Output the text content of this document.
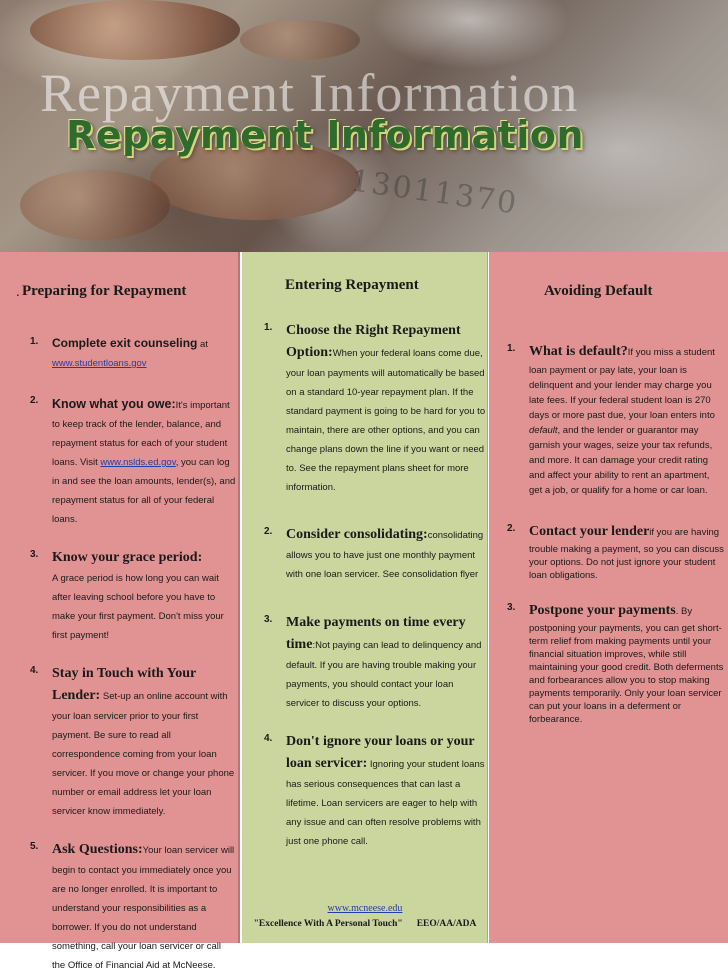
13011370
Repayment Information
Repayment Information
. Preparing for Repayment
1. Complete exit counseling at
www.studentloans.gov
2. Know what you owe:It's important to keep track of the lender, balance, and repayment status for each of your student loans. Visit www.nslds.ed.gov, you can log in and see the loan amounts, lender(s), and repayment status for all of your federal loans.
3. Know your grace period:
A grace period is how long you can wait after leaving school before you have to make your first payment. Don't miss your first payment!
4. Stay in Touch with Your Lender: Set-up an online account with your loan servicer prior to your first payment. Be sure to read all correspondence coming from your loan servicer. If you move or change your phone number or email address let your loan servicer know immediately.
5. Ask Questions:Your loan servicer will begin to contact you immediately once you are no longer enrolled. It is important to understand your responsibilities as a borrower. If you do not understand something, call your loan servicer or call the Office of Financial Aid at McNeese.
Entering Repayment
1. Choose the Right Repayment Option:When your federal loans come due, your loan payments will automatically be based on a standard 10-year repayment plan. If the standard payment is going to be hard for you to maintain, there are other options, and you can change plans down the line if you want or need to. See the repayment plans sheet for more information.
2. Consider consolidating:consolidating allows you to have just one monthly payment with one loan servicer. See consolidation flyer
3. Make payments on time every time:Not paying can lead to delinquency and default. If you are having trouble making your payments, you should contact your loan servicer to discuss your options.
4. Don't ignore your loans or your loan servicer: Ignoring your student loans has serious consequences that can last a lifetime. Loan servicers are eager to help with any issue and can often resolve problems with just one phone call.
www.mcneese.edu
"Excellence With A Personal Touch" EEO/AA/ADA
Avoiding Default
1. What is default?If you miss a student loan payment or pay late, your loan is delinquent and your lender may charge you late fees. If your federal student loan is 270 days or more past due, your loan enters into default, and the lender or guarantor may garnish your wages, seize your tax refunds, and more. It can damage your credit rating and affect your ability to rent an apartment, get a job, or qualify for a home or car loan.
2. Contact your lenderif you are having trouble making a payment, so you can discuss your options. Do not just ignore your student loan obligations.
3. Postpone your payments. By postponing your payments, you can get short-term relief from making payments until your financial situation improves, while still maintaining your good credit. Both deferments and forbearances allow you to stop making payments temporarily. Only your loan servicer can put your loans in a deferment or forbearance.
